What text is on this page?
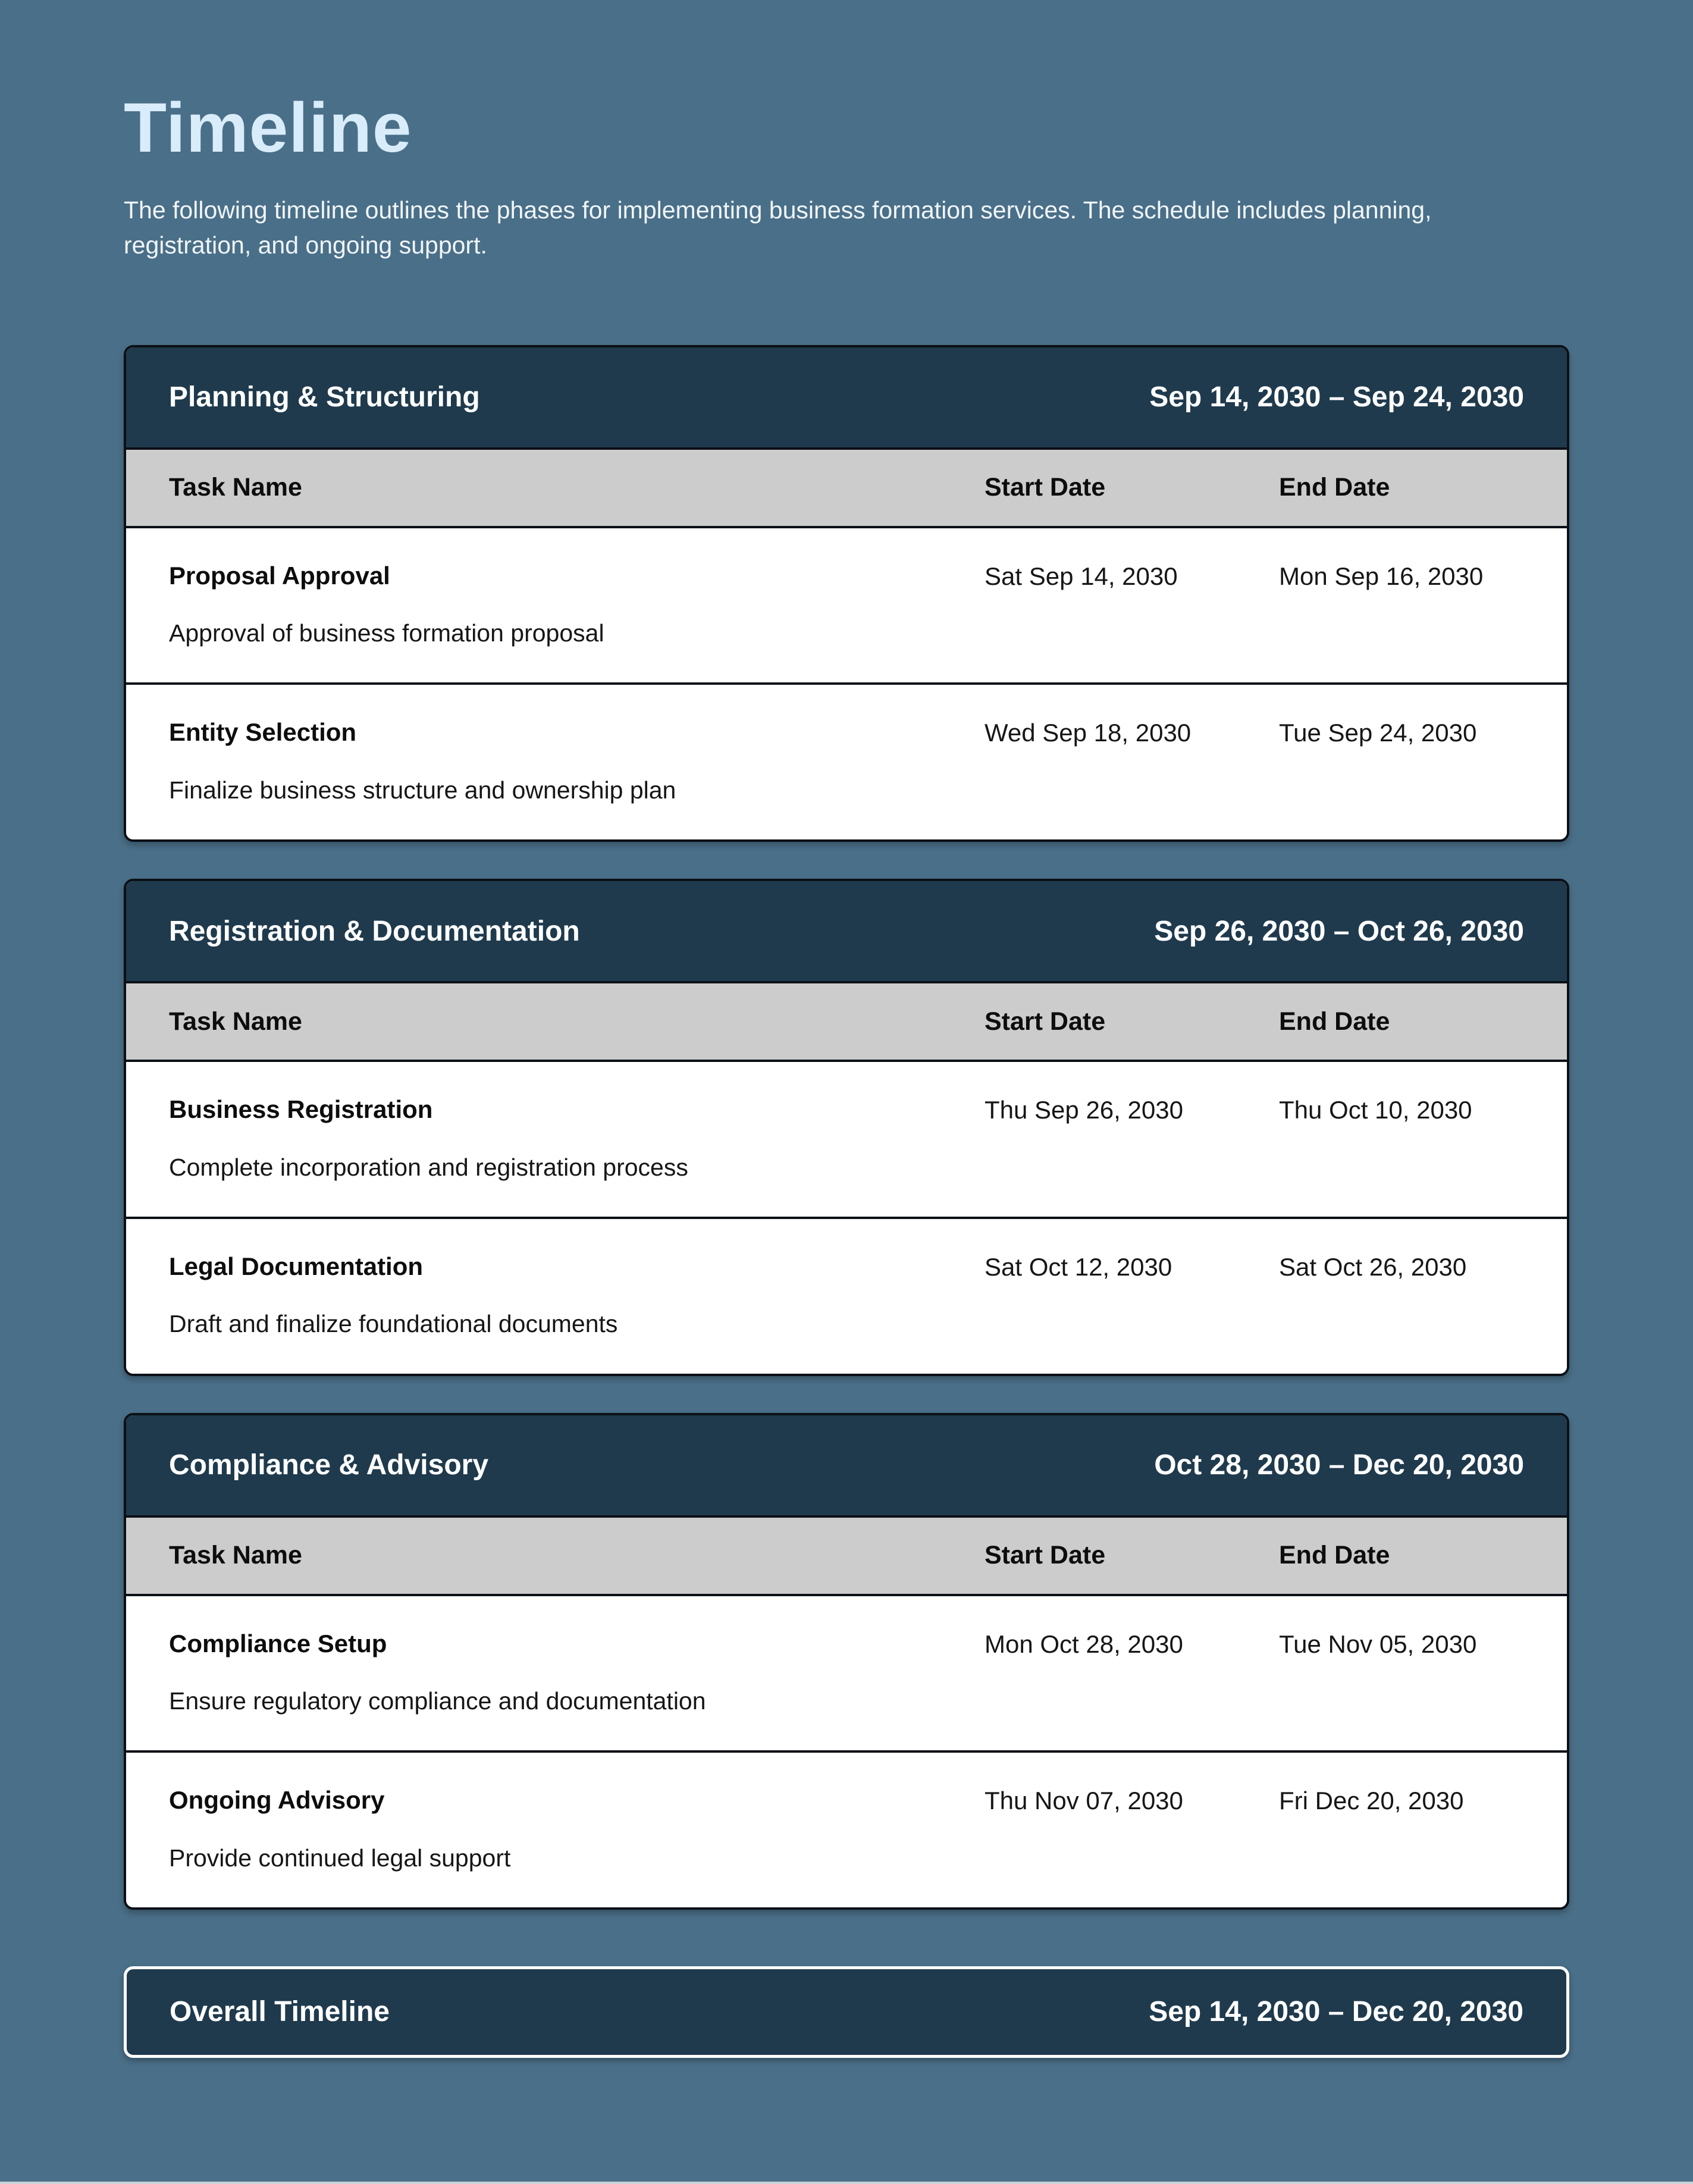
Timeline

The following timeline outlines the phases for implementing business formation services. The schedule includes planning, registration, and ongoing support.

Planning & Structuring	Sep 14, 2030 – Sep 24, 2030
Task Name	Start Date	End Date
Proposal Approval
Approval of business formation proposal
Sat Sep 14, 2030	Mon Sep 16, 2030
Entity Selection
Finalize business structure and ownership plan
Wed Sep 18, 2030	Tue Sep 24, 2030
Registration & Documentation	Sep 26, 2030 – Oct 26, 2030
Task Name	Start Date	End Date
Business Registration
Complete incorporation and registration process
Thu Sep 26, 2030	Thu Oct 10, 2030
Legal Documentation
Draft and finalize foundational documents
Sat Oct 12, 2030	Sat Oct 26, 2030
Compliance & Advisory	Oct 28, 2030 – Dec 20, 2030
Task Name	Start Date	End Date
Compliance Setup
Ensure regulatory compliance and documentation
Mon Oct 28, 2030	Tue Nov 05, 2030
Ongoing Advisory
Provide continued legal support
Thu Nov 07, 2030	Fri Dec 20, 2030
Overall Timeline	Sep 14, 2030 – Dec 20, 2030
